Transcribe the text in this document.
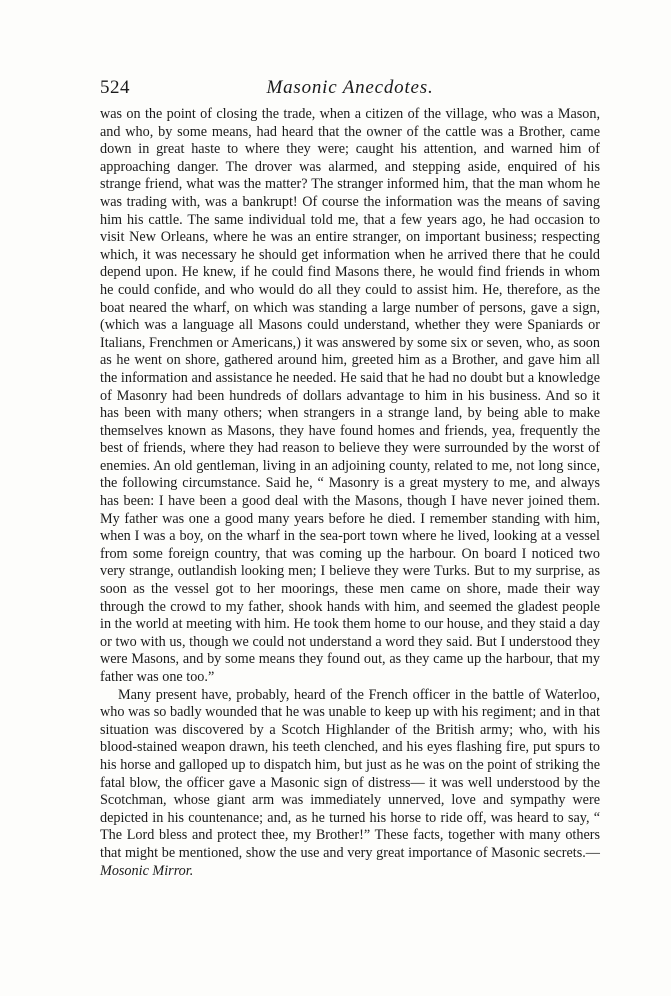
524	Masonic Anecdotes.

was on the point of closing the trade, when a citizen of the village, who was a Mason, and who, by some means, had heard that the owner of the cattle was a Brother, came down in great haste to where they were; caught his attention, and warned him of approaching danger. The drover was alarmed, and stepping aside, enquired of his strange friend, what was the matter? The stranger informed him, that the man whom he was trading with, was a bankrupt! Of course the information was the means of saving him his cattle. The same individual told me, that a few years ago, he had occasion to visit New Orleans, where he was an entire stranger, on important business; respecting which, it was necessary he should get information when he arrived there that he could depend upon. He knew, if he could find Masons there, he would find friends in whom he could confide, and who would do all they could to assist him. He, therefore, as the boat neared the wharf, on which was standing a large number of persons, gave a sign, (which was a language all Masons could understand, whether they were Spaniards or Italians, Frenchmen or Americans,) it was answered by some six or seven, who, as soon as he went on shore, gathered around him, greeted him as a Brother, and gave him all the information and assistance he needed. He said that he had no doubt but a knowledge of Masonry had been hundreds of dollars advantage to him in his business. And so it has been with many others; when strangers in a strange land, by being able to make themselves known as Masons, they have found homes and friends, yea, frequently the best of friends, where they had reason to believe they were surrounded by the worst of enemies. An old gentleman, living in an adjoining county, related to me, not long since, the following circumstance. Said he, “ Masonry is a great mystery to me, and always has been: I have been a good deal with the Masons, though I have never joined them. My father was one a good many years before he died. I remember standing with him, when I was a boy, on the wharf in the sea-port town where he lived, looking at a vessel from some foreign country, that was coming up the harbour. On board I noticed two very strange, outlandish looking men; I believe they were Turks. But to my surprise, as soon as the vessel got to her moorings, these men came on shore, made their way through the crowd to my father, shook hands with him, and seemed the gladest people in the world at meeting with him. He took them home to our house, and they staid a day or two with us, though we could not understand a word they said. But I understood they were Masons, and by some means they found out, as they came up the harbour, that my father was one too.”

Many present have, probably, heard of the French officer in the battle of Waterloo, who was so badly wounded that he was unable to keep up with his regiment; and in that situation was discovered by a Scotch Highlander of the British army; who, with his blood-stained weapon drawn, his teeth clenched, and his eyes flashing fire, put spurs to his horse and galloped up to dispatch him, but just as he was on the point of striking the fatal blow, the officer gave a Masonic sign of distress— it was well understood by the Scotchman, whose giant arm was immediately unnerved, love and sympathy were depicted in his countenance; and, as he turned his horse to ride off, was heard to say, “ The Lord bless and protect thee, my Brother!” These facts, together with many others that might be mentioned, show the use and very great importance of Masonic secrets.—Mosonic Mirror.
